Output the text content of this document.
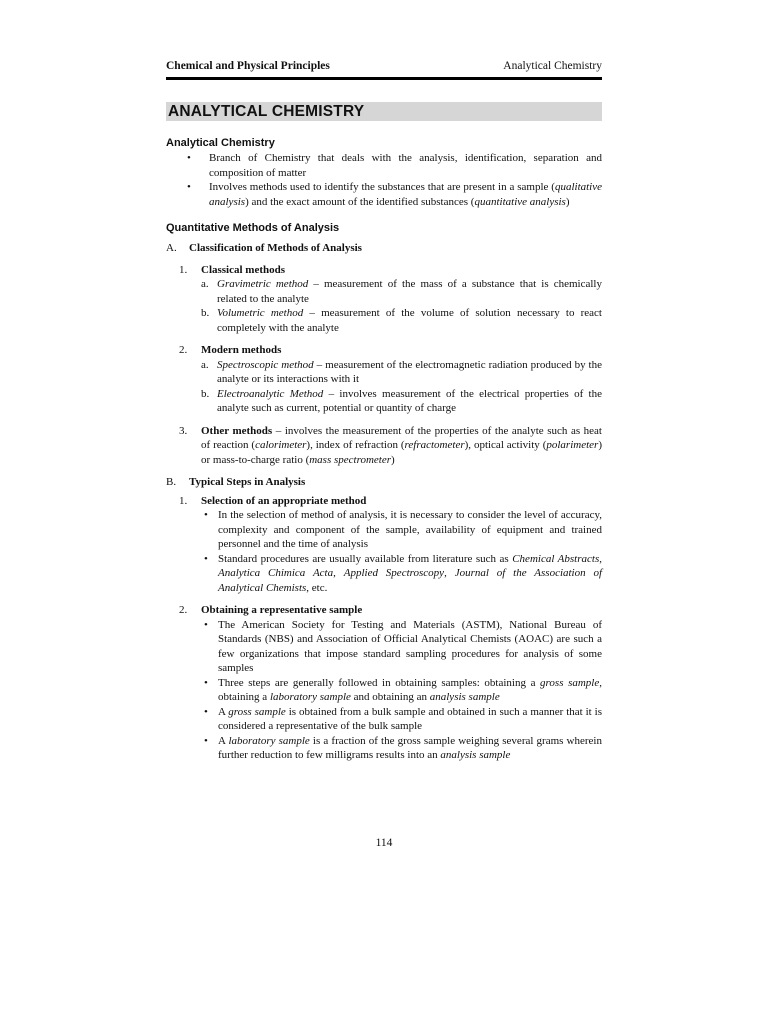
Chemical and Physical Principles	Analytical Chemistry
ANALYTICAL CHEMISTRY

Analytical Chemistry

• Branch of Chemistry that deals with the analysis, identification, separation and composition of matter
• Involves methods used to identify the substances that are present in a sample (qualitative analysis) and the exact amount of the identified substances (quantitative analysis)

Quantitative Methods of Analysis

A. Classification of Methods of Analysis
1. Classical methods
a. Gravimetric method – measurement of the mass of a substance that is chemically related to the analyte
b. Volumetric method – measurement of the volume of solution necessary to react completely with the analyte
2. Modern methods
a. Spectroscopic method – measurement of the electromagnetic radiation produced by the analyte or its interactions with it
b. Electroanalytic Method – involves measurement of the electrical properties of the analyte such as current, potential or quantity of charge
3. Other methods – involves the measurement of the properties of the analyte such as heat of reaction (calorimeter), index of refraction (refractometer), optical activity (polarimeter) or mass-to-charge ratio (mass spectrometer)
B. Typical Steps in Analysis
1. Selection of an appropriate method
• In the selection of method of analysis, it is necessary to consider the level of accuracy, complexity and component of the sample, availability of equipment and trained personnel and the time of analysis
• Standard procedures are usually available from literature such as Chemical Abstracts, Analytica Chimica Acta, Applied Spectroscopy, Journal of the Association of Analytical Chemists, etc.
2. Obtaining a representative sample
• The American Society for Testing and Materials (ASTM), National Bureau of Standards (NBS) and Association of Official Analytical Chemists (AOAC) are such a few organizations that impose standard sampling procedures for analysis of some samples
• Three steps are generally followed in obtaining samples: obtaining a gross sample, obtaining a laboratory sample and obtaining an analysis sample
• A gross sample is obtained from a bulk sample and obtained in such a manner that it is considered a representative of the bulk sample
• A laboratory sample is a fraction of the gross sample weighing several grams wherein further reduction to few milligrams results into an analysis sample
114
